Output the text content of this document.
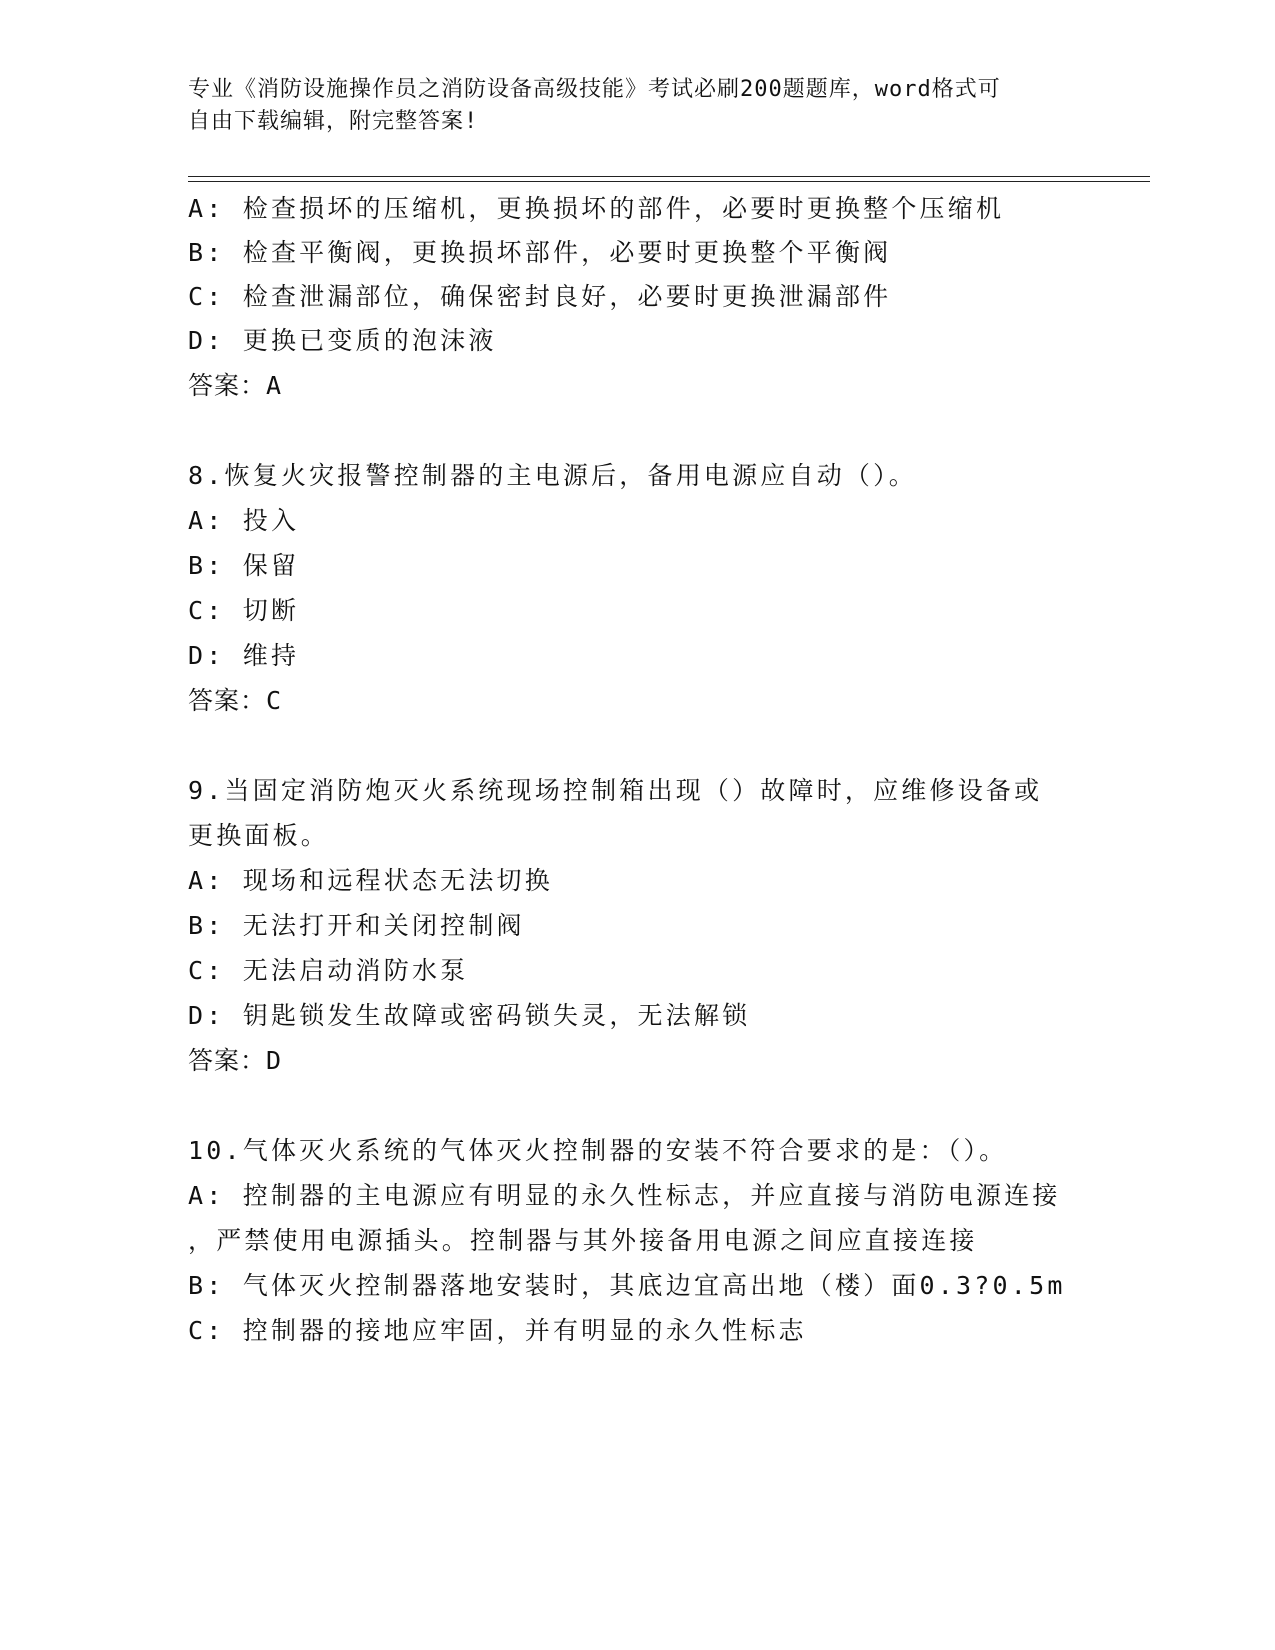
专业《消防设施操作员之消防设备高级技能》考试必刷200题题库，word格式可
自由下载编辑，附完整答案!
A: 检查损坏的压缩机，更换损坏的部件，必要时更换整个压缩机
B: 检查平衡阀，更换损坏部件，必要时更换整个平衡阀
C: 检查泄漏部位，确保密封良好，必要时更换泄漏部件
D: 更换已变质的泡沫液
答案：A
8.恢复火灾报警控制器的主电源后，备用电源应自动（）。
A: 投入
B: 保留
C: 切断
D: 维持
答案：C
9.当固定消防炮灭火系统现场控制箱出现（）故障时，应维修设备或
更换面板。
A: 现场和远程状态无法切换
B: 无法打开和关闭控制阀
C: 无法启动消防水泵
D: 钥匙锁发生故障或密码锁失灵，无法解锁
答案：D
10.气体灭火系统的气体灭火控制器的安装不符合要求的是：（）。
A: 控制器的主电源应有明显的永久性标志，并应直接与消防电源连接
，严禁使用电源插头。控制器与其外接备用电源之间应直接连接
B: 气体灭火控制器落地安装时，其底边宜高出地（楼）面0.3?0.5m
C: 控制器的接地应牢固，并有明显的永久性标志
